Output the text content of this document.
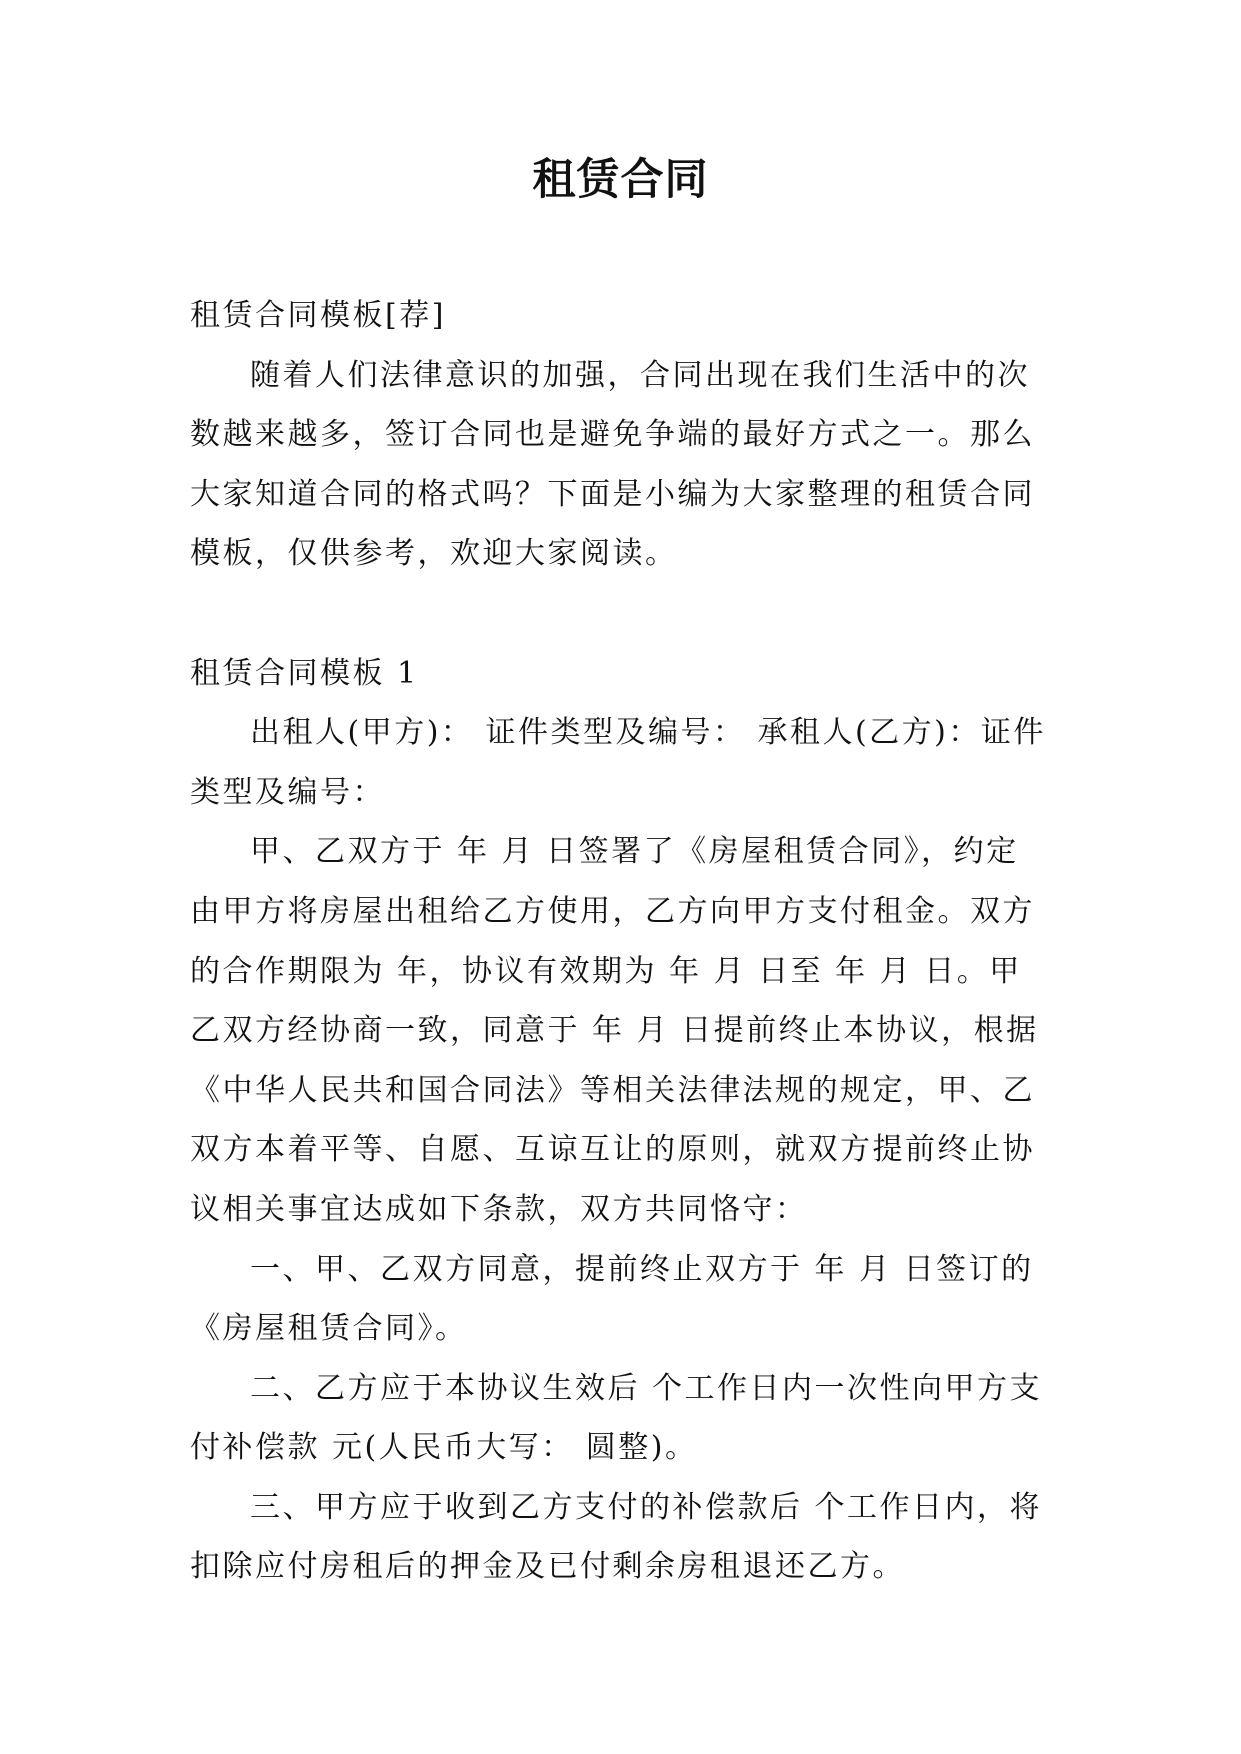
租赁合同

租赁合同模板[荐]

随着人们法律意识的加强，合同出现在我们生活中的次数越来越多，签订合同也是避免争端的最好方式之一。那么大家知道合同的格式吗？下面是小编为大家整理的租赁合同模板，仅供参考，欢迎大家阅读。

租赁合同模板 1

出租人(甲方)： 证件类型及编号： 承租人(乙方)：证件类型及编号：

甲、乙双方于 年 月 日签署了《房屋租赁合同》，约定由甲方将房屋出租给乙方使用，乙方向甲方支付租金。双方的合作期限为 年，协议有效期为 年 月 日至 年 月 日。甲乙双方经协商一致，同意于 年 月 日提前终止本协议，根据《中华人民共和国合同法》等相关法律法规的规定，甲、乙双方本着平等、自愿、互谅互让的原则，就双方提前终止协议相关事宜达成如下条款，双方共同恪守：

一、甲、乙双方同意，提前终止双方于 年 月 日签订的《房屋租赁合同》。

二、乙方应于本协议生效后 个工作日内一次性向甲方支付补偿款 元(人民币大写： 圆整)。

三、甲方应于收到乙方支付的补偿款后 个工作日内，将扣除应付房租后的押金及已付剩余房租退还乙方。
